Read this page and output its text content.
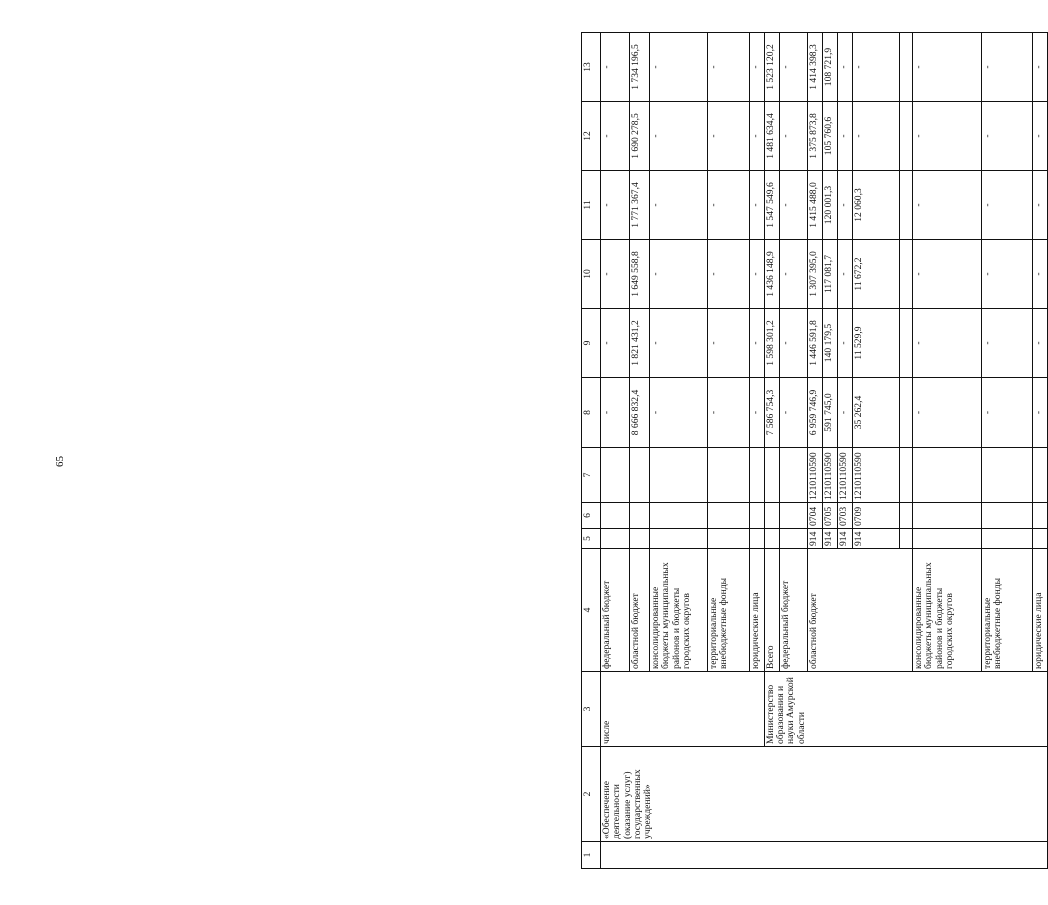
65
1	2	3	4	5	6	7	8	9	10	11	12	13
	«Обеспечение деятельности (оказание услуг) государственных учреждений»	числе	федеральный бюджет				-	-	-	-	-	-
			областной бюджет				8 666 832,4	1 821 431,2	1 649 558,8	1 771 367,4	1 690 278,5	1 734 196,5
			консолидированные бюджеты муниципальных районов и бюджеты городских округов				-	-	-	-	-	-
			территориальные внебюджетные фонды				-	-	-	-	-	-
			юридические лица				-	-	-	-	-	-
		Министерство образования и науки Амурской области	Всего				7 586 754,3	1 598 301,2	1 436 148,9	1 547 549,6	1 481 634,4	1 523 120,2
			федеральный бюджет				-	-	-	-	-	-
			областной бюджет	914	0704	1210110590	6 959 746,9	1 446 591,8	1 307 395,0	1 415 488,0	1 375 873,8	1 414 398,3
				914	0705	1210110590	591 745,0	140 179,5	117 081,7	120 001,3	105 760,6	108 721,9
				914	0703	1210110590	-	-	-	-	-	-
				914	0709	1210110590	35 262,4	11 529,9	11 672,2	12 060,3	-	-

			консолидированные бюджеты муниципальных районов и бюджеты городских округов				-	-	-	-	-	-
			территориальные внебюджетные фонды				-	-	-	-	-	-
			юридические лица				-	-	-	-	-	-
